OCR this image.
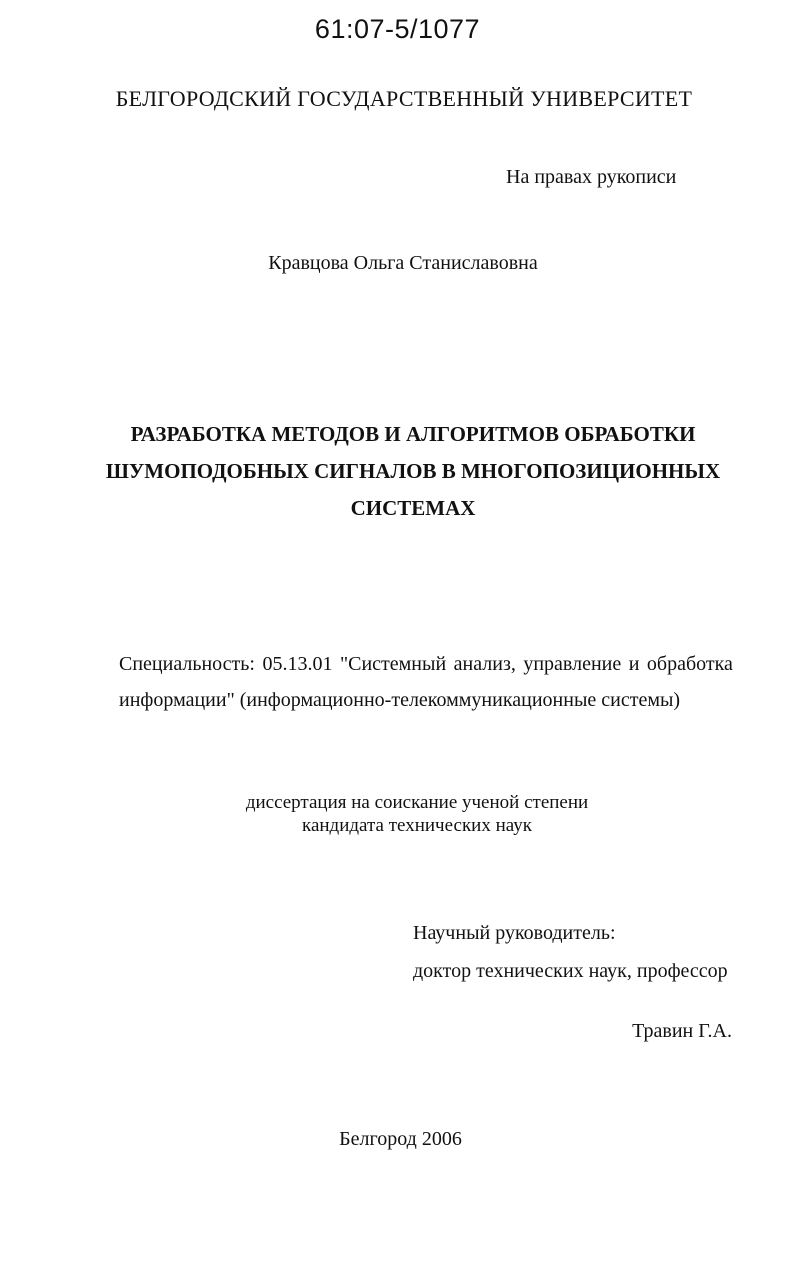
61:07-5/1077
БЕЛГОРОДСКИЙ ГОСУДАРСТВЕННЫЙ УНИВЕРСИТЕТ
На правах рукописи
Кравцова Ольга Станиславовна
РАЗРАБОТКА МЕТОДОВ И АЛГОРИТМОВ ОБРАБОТКИ
ШУМОПОДОБНЫХ СИГНАЛОВ В МНОГОПОЗИЦИОННЫХ
СИСТЕМАХ
Специальность: 05.13.01 "Системный анализ, управление и обработка
информации" (информационно-телекоммуникационные системы)
диссертация на соискание ученой степени
кандидата технических наук
Научный руководитель:
доктор технических наук, профессор
Травин Г.А.
Белгород 2006
